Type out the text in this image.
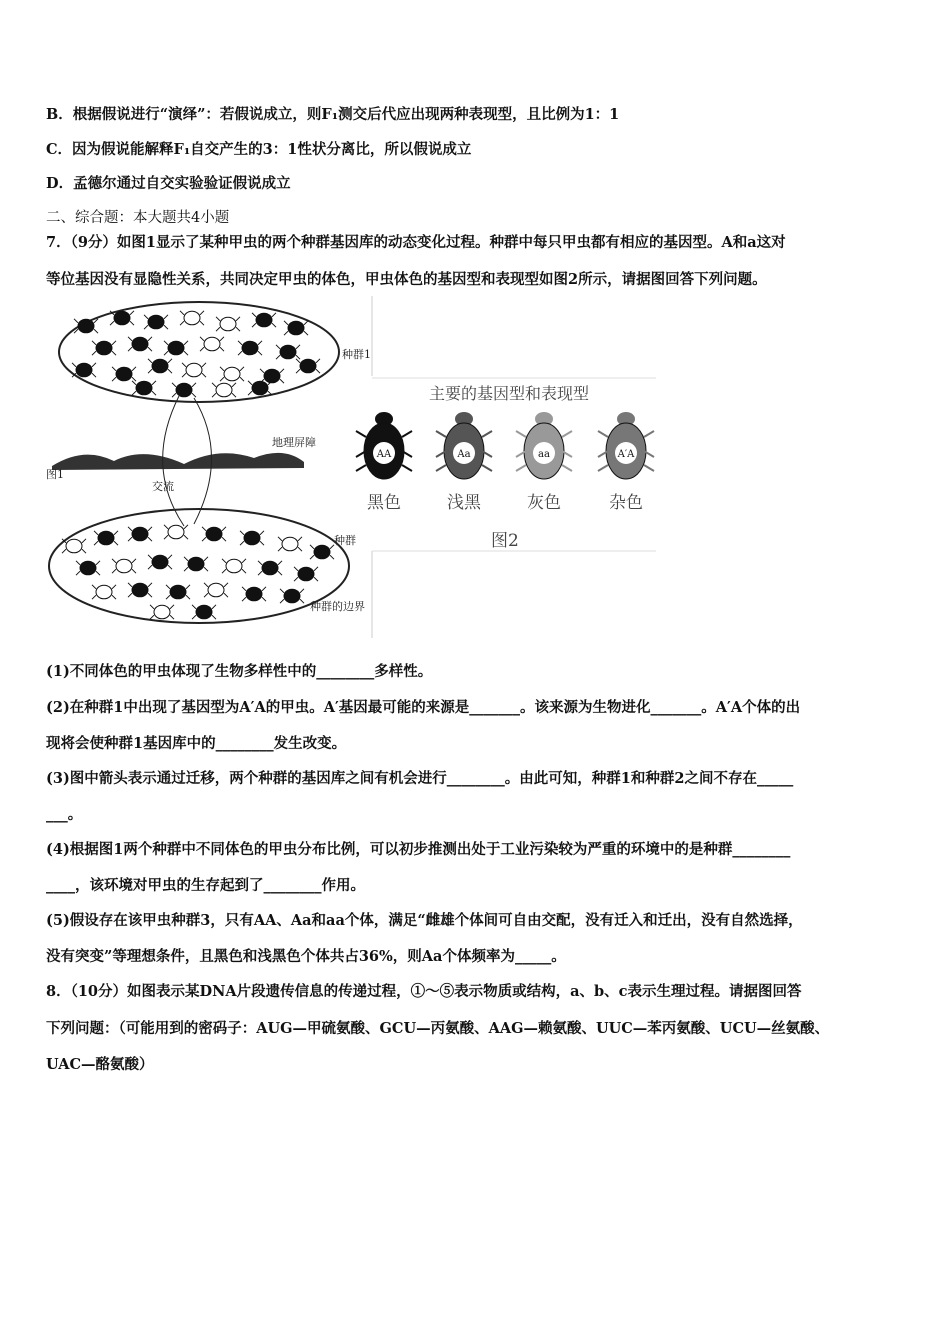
B．根据假说进行“演绎”：若假说成立，则F₁测交后代应出现两种表现型，且比例为1：1
C．因为假说能解释F₁自交产生的3：1性状分离比，所以假说成立
D．孟德尔通过自交实验验证假说成立
二、综合题：本大题共4小题
7．（9分）如图1显示了某种甲虫的两个种群基因库的动态变化过程。种群中每只甲虫都有相应的基因型。A和a这对
等位基因没有显隐性关系，共同决定甲虫的体色，甲虫体色的基因型和表现型如图2所示，请据图回答下列问题。
种群1
地理屏障
图1
交流
种群
种群的边界
主要的基因型和表现型
AA
黑色
Aa
浅黑
aa
灰色
A′A
杂色
图2
(1)不同体色的甲虫体现了生物多样性中的________多样性。
(2)在种群1中出现了基因型为A′A的甲虫。A′基因最可能的来源是_______。该来源为生物进化_______。A′A个体的出
现将会使种群1基因库中的________发生改变。
(3)图中箭头表示通过迁移，两个种群的基因库之间有机会进行________。由此可知，种群1和种群2之间不存在_____
___。
(4)根据图1两个种群中不同体色的甲虫分布比例，可以初步推测出处于工业污染较为严重的环境中的是种群________
____，该环境对甲虫的生存起到了________作用。
(5)假设存在该甲虫种群3，只有AA、Aa和aa个体，满足“雌雄个体间可自由交配，没有迁入和迁出，没有自然选择，
没有突变”等理想条件，且黑色和浅黑色个体共占36%，则Aa个体频率为_____。
8．（10分）如图表示某DNA片段遗传信息的传递过程，①～⑤表示物质或结构，a、b、c表示生理过程。请据图回答
下列问题：（可能用到的密码子：AUG—甲硫氨酸、GCU—丙氨酸、AAG—赖氨酸、UUC—苯丙氨酸、UCU—丝氨酸、
UAC—酪氨酸）
